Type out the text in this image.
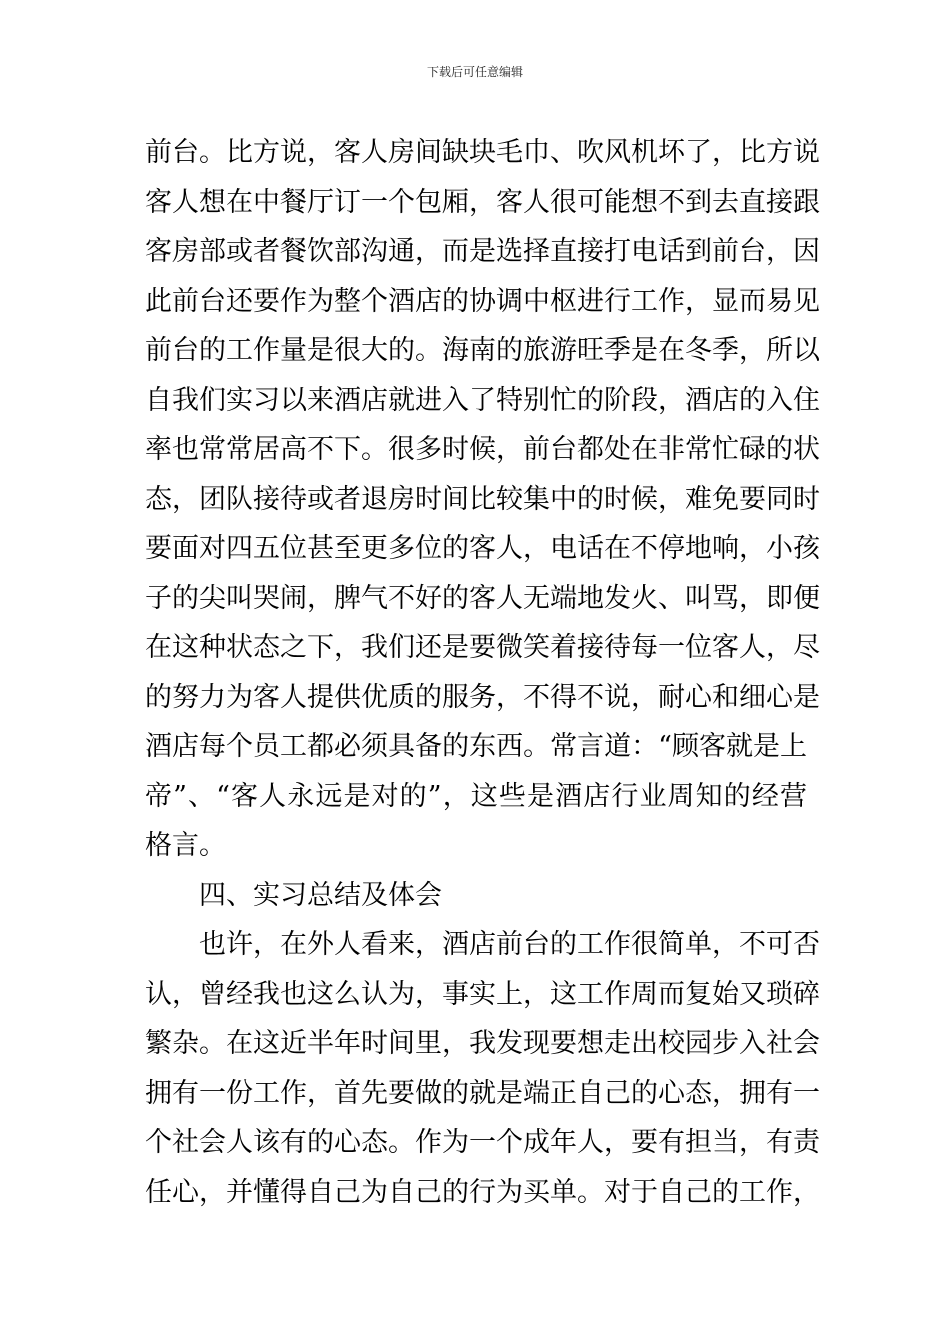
下载后可任意编辑
前台。比方说，客人房间缺块毛巾、吹风机坏了，比方说
客人想在中餐厅订一个包厢，客人很可能想不到去直接跟
客房部或者餐饮部沟通，而是选择直接打电话到前台，因
此前台还要作为整个酒店的协调中枢进行工作，显而易见
前台的工作量是很大的。海南的旅游旺季是在冬季，所以
自我们实习以来酒店就进入了特别忙的阶段，酒店的入住
率也常常居高不下。很多时候，前台都处在非常忙碌的状
态，团队接待或者退房时间比较集中的时候，难免要同时
要面对四五位甚至更多位的客人，电话在不停地响，小孩
子的尖叫哭闹，脾气不好的客人无端地发火、叫骂，即便
在这种状态之下，我们还是要微笑着接待每一位客人，尽
的努力为客人提供优质的服务，不得不说，耐心和细心是
酒店每个员工都必须具备的东西。常言道：“顾客就是上
帝”、“客人永远是对的”，这些是酒店行业周知的经营
格言。
四、实习总结及体会
也许，在外人看来，酒店前台的工作很简单，不可否
认，曾经我也这么认为，事实上，这工作周而复始又琐碎
繁杂。在这近半年时间里，我发现要想走出校园步入社会
拥有一份工作，首先要做的就是端正自己的心态，拥有一
个社会人该有的心态。作为一个成年人，要有担当，有责
任心，并懂得自己为自己的行为买单。对于自己的工作，
